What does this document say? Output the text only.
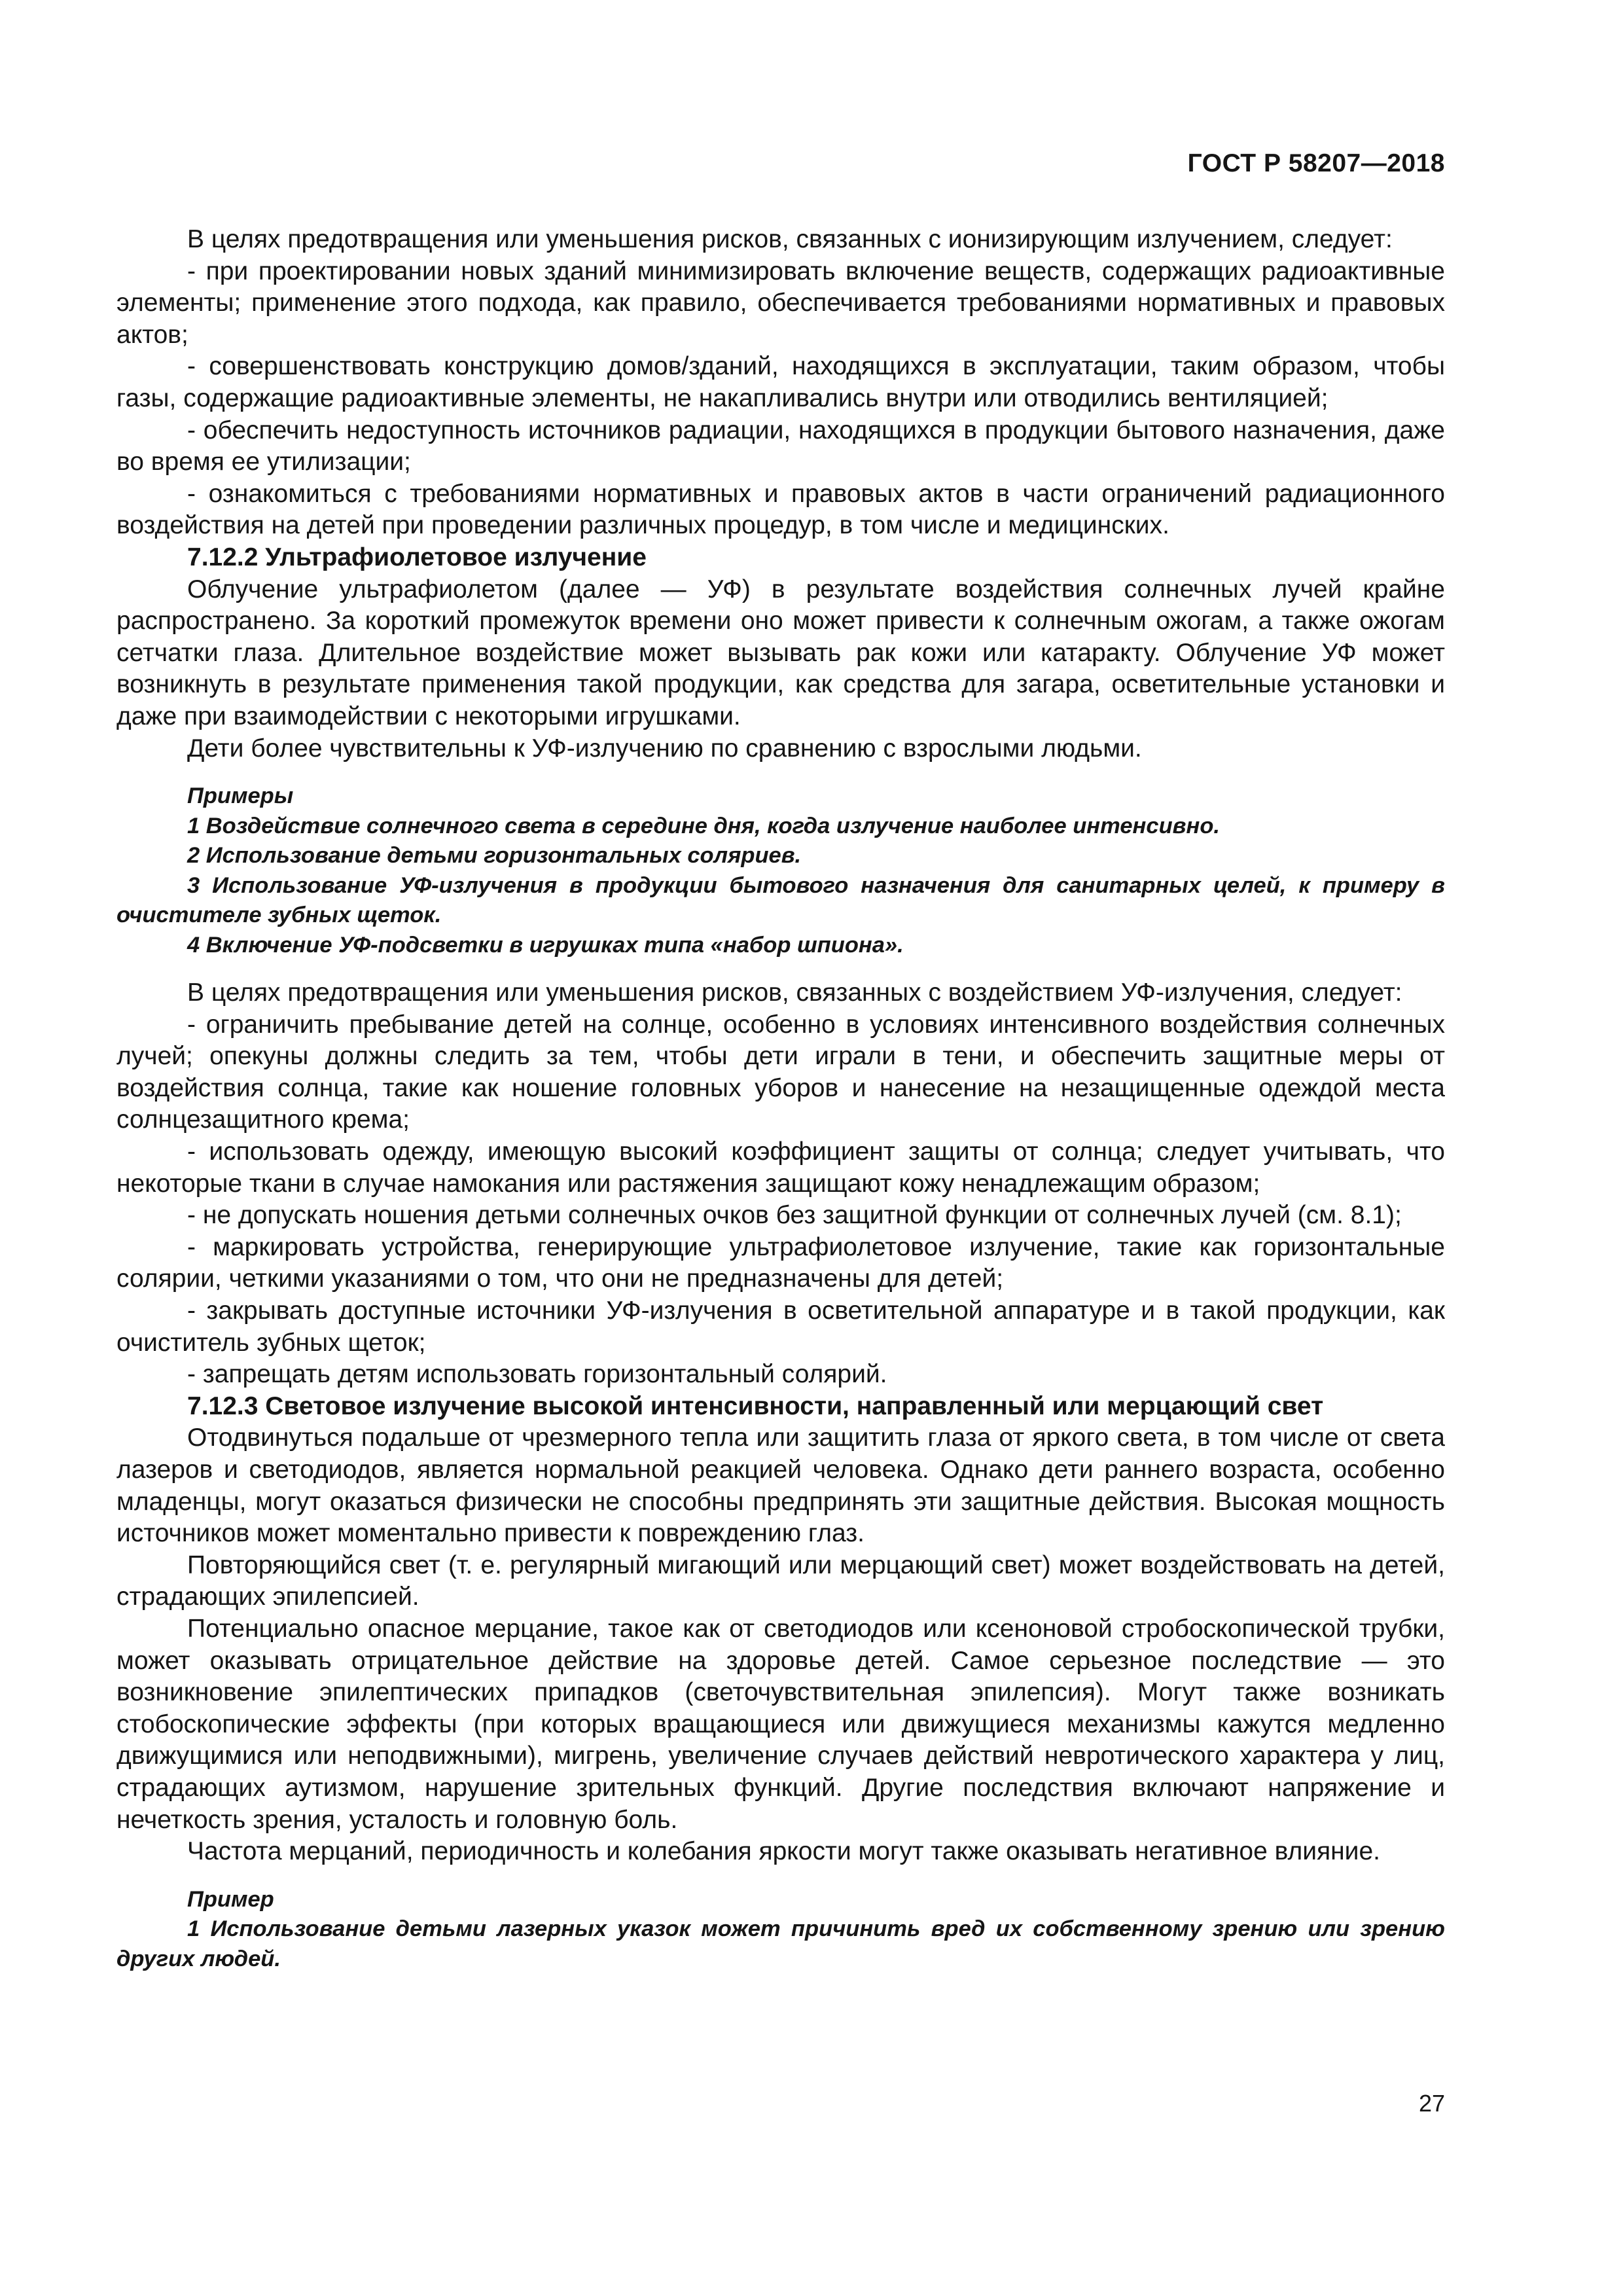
ГОСТ Р 58207—2018

В целях предотвращения или уменьшения рисков, связанных с ионизирующим излучением, следует:

- при проектировании новых зданий минимизировать включение веществ, содержащих радиоактивные элементы; применение этого подхода, как правило, обеспечивается требованиями нормативных и правовых актов;

- совершенствовать конструкцию домов/зданий, находящихся в эксплуатации, таким образом, чтобы газы, содержащие радиоактивные элементы, не накапливались внутри или отводились вентиляцией;

- обеспечить недоступность источников радиации, находящихся в продукции бытового назначения, даже во время ее утилизации;

- ознакомиться с требованиями нормативных и правовых актов в части ограничений радиационного воздействия на детей при проведении различных процедур, в том числе и медицинских.

7.12.2 Ультрафиолетовое излучение

Облучение ультрафиолетом (далее — УФ) в результате воздействия солнечных лучей крайне распространено. За короткий промежуток времени оно может привести к солнечным ожогам, а также ожогам сетчатки глаза. Длительное воздействие может вызывать рак кожи или катаракту. Облучение УФ может возникнуть в результате применения такой продукции, как средства для загара, осветительные установки и даже при взаимодействии с некоторыми игрушками.

Дети более чувствительны к УФ-излучению по сравнению с взрослыми людьми.

Примеры

1 Воздействие солнечного света в середине дня, когда излучение наиболее интенсивно.

2 Использование детьми горизонтальных соляриев.

3 Использование УФ-излучения в продукции бытового назначения для санитарных целей, к примеру в очистителе зубных щеток.

4 Включение УФ-подсветки в игрушках типа «набор шпиона».

В целях предотвращения или уменьшения рисков, связанных с воздействием УФ-излучения, следует:

- ограничить пребывание детей на солнце, особенно в условиях интенсивного воздействия солнечных лучей; опекуны должны следить за тем, чтобы дети играли в тени, и обеспечить защитные меры от воздействия солнца, такие как ношение головных уборов и нанесение на незащищенные одеждой места солнцезащитного крема;

- использовать одежду, имеющую высокий коэффициент защиты от солнца; следует учитывать, что некоторые ткани в случае намокания или растяжения защищают кожу ненадлежащим образом;

- не допускать ношения детьми солнечных очков без защитной функции от солнечных лучей (см. 8.1);

- маркировать устройства, генерирующие ультрафиолетовое излучение, такие как горизонтальные солярии, четкими указаниями о том, что они не предназначены для детей;

- закрывать доступные источники УФ-излучения в осветительной аппаратуре и в такой продукции, как очиститель зубных щеток;

- запрещать детям использовать горизонтальный солярий.

7.12.3 Световое излучение высокой интенсивности, направленный или мерцающий свет

Отодвинуться подальше от чрезмерного тепла или защитить глаза от яркого света, в том числе от света лазеров и светодиодов, является нормальной реакцией человека. Однако дети раннего возраста, особенно младенцы, могут оказаться физически не способны предпринять эти защитные действия. Высокая мощность источников может моментально привести к повреждению глаз.

Повторяющийся свет (т. е. регулярный мигающий или мерцающий свет) может воздействовать на детей, страдающих эпилепсией.

Потенциально опасное мерцание, такое как от светодиодов или ксеноновой стробоскопической трубки, может оказывать отрицательное действие на здоровье детей. Самое серьезное последствие — это возникновение эпилептических припадков (светочувствительная эпилепсия). Могут также возникать стобоскопические эффекты (при которых вращающиеся или движущиеся механизмы кажутся медленно движущимися или неподвижными), мигрень, увеличение случаев действий невротического характера у лиц, страдающих аутизмом, нарушение зрительных функций. Другие последствия включают напряжение и нечеткость зрения, усталость и головную боль.

Частота мерцаний, периодичность и колебания яркости могут также оказывать негативное влияние.

Пример

1 Использование детьми лазерных указок может причинить вред их собственному зрению или зрению других людей.

27
